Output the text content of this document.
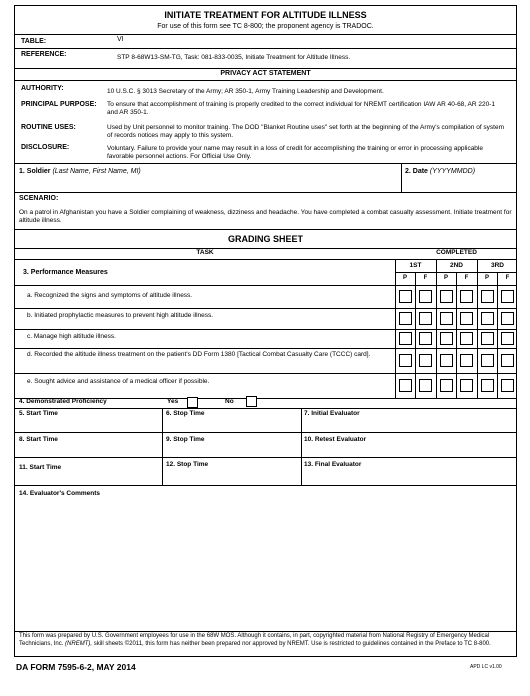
INITIATE TREATMENT FOR ALTITUDE ILLNESS
For use of this form see TC 8-800; the proponent agency is TRADOC.
TABLE:	VI
REFERENCE:	STP 8-68W13-SM-TG, Task: 081-833-0035, Initiate Treatment for Altitude Illness.
PRIVACY ACT STATEMENT
AUTHORITY:	10 U.S.C. § 3013 Secretary of the Army; AR 350-1, Army Training Leadership and Development.
PRINCIPAL PURPOSE: To ensure that accomplishment of training is properly credited to the correct individual for NREMT certification IAW AR 40-68, AR 220-1 and AR 350-1.
ROUTINE USES:	Used by Unit personnel to monitor training. The DOD "Blanket Routine uses" set forth at the beginning of the Army's compilation of system of records notices may apply to this system.
DISCLOSURE:	Voluntary. Failure to provide your name may result in a loss of credit for accomplishing the training or error in processing applicable favorable personnel actions. For Official Use Only.
1. Soldier (Last Name, First Name, MI)	2. Date (YYYYMMDD)
SCENARIO:
On a patrol in Afghanistan you have a Soldier complaining of weakness, dizziness and headache. You have completed a combat casualty assessment. Initiate treatment for altitude illness.
GRADING SHEET
TASK	COMPLETED
1ST	2ND	3RD
3. Performance Measures
P	F	P	F	P	F
a. Recognized the signs and symptoms of altitude illness.
b. Initiated prophylactic measures to prevent high altitude illness.
c. Manage high altitude illness.
d. Recorded the altitude illness treatment on the patient's DD Form 1380 [Tactical Combat Casualty Care (TCCC) card].
e. Sought advice and assistance of a medical officer if possible.
4. Demonstrated Proficiency	Yes	No
5. Start Time	6. Stop Time	7. Initial Evaluator
8. Start Time	9. Stop Time	10. Retest Evaluator
11. Start Time	12. Stop Time	13. Final Evaluator
14. Evaluator's Comments
This form was prepared by U.S. Government employees for use in the 68W MOS. Although it contains, in part, copyrighted material from National Registry of Emergency Medical Technicians, Inc. (NREMT), skill sheets ©2011, this form has neither been prepared nor approved by NREMT. Use is restricted to guidelines contained in the Preface to TC 8-800.
DA FORM 7595-6-2, MAY 2014	APD LC v1.00
